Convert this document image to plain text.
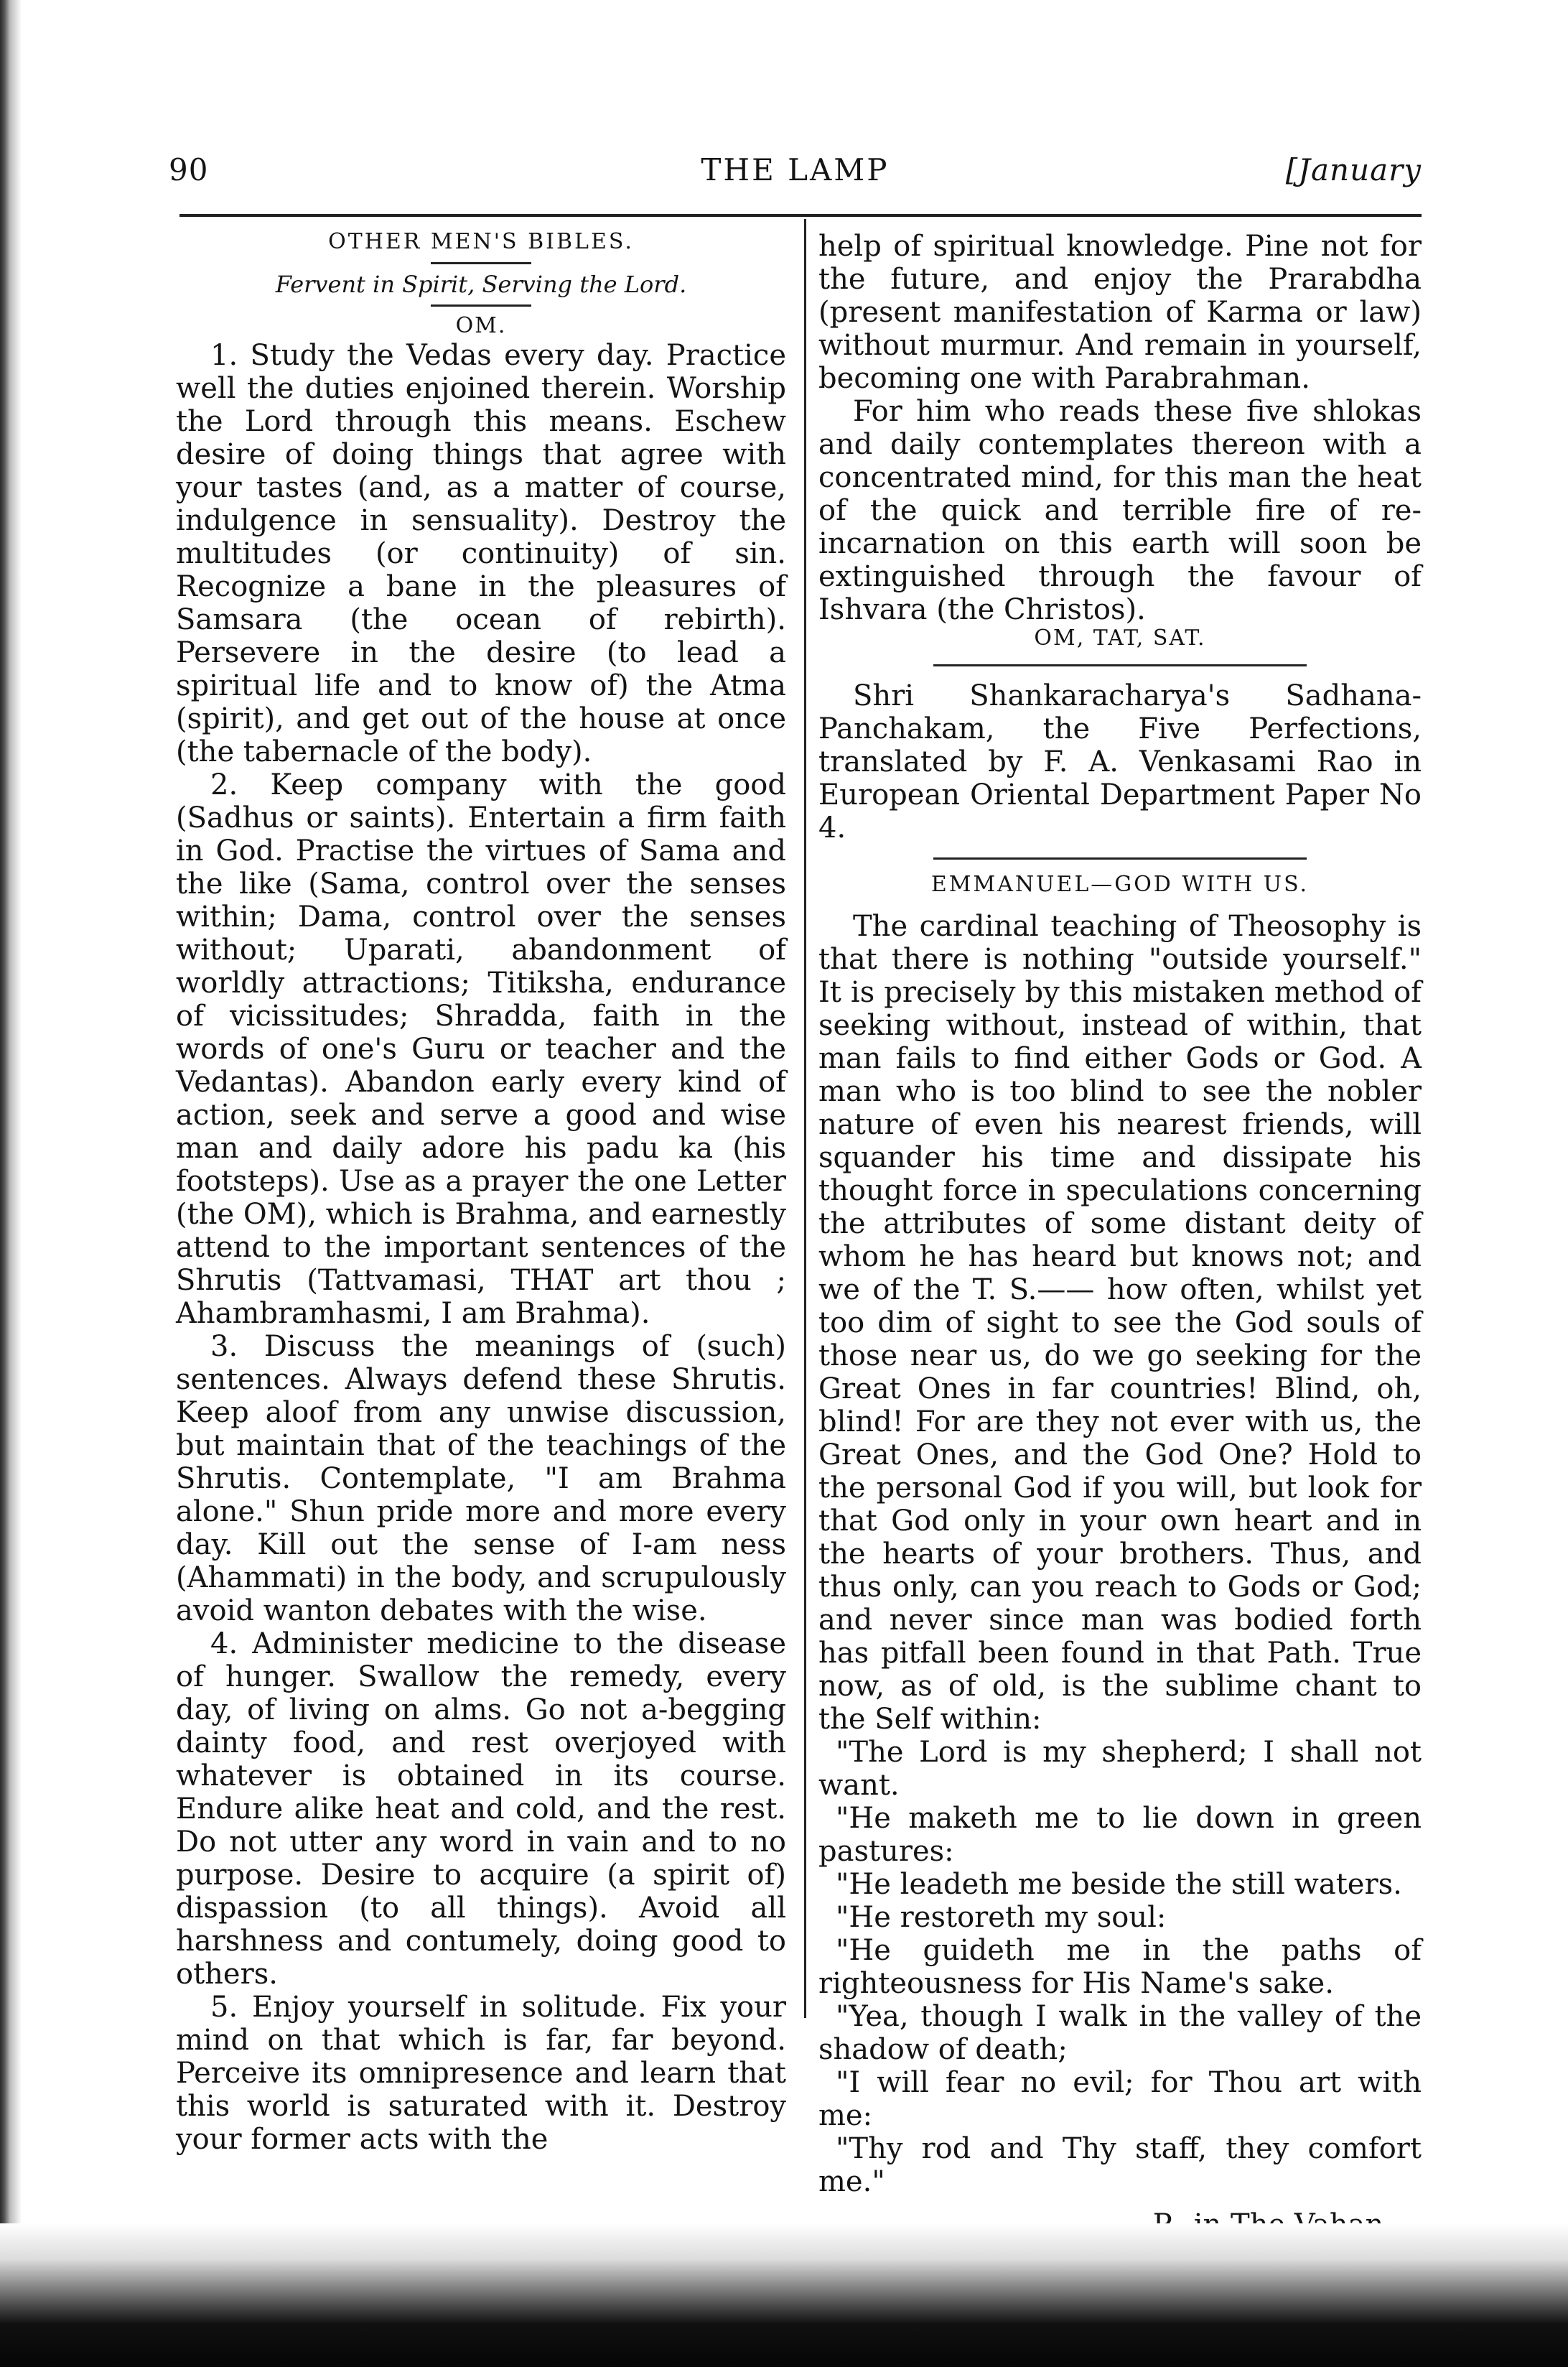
90	THE LAMP	[January

OTHER MEN'S BIBLES.

Fervent in Spirit, Serving the Lord.

OM.

1. Study the Vedas every day. Practice well the duties enjoined therein. Worship the Lord through this means. Eschew desire of doing things that agree with your tastes (and, as a matter of course, indulgence in sensuality). Destroy the multitudes (or continuity) of sin. Recognize a bane in the pleasures of Samsara (the ocean of rebirth). Persevere in the desire (to lead a spiritual life and to know of) the Atma (spirit), and get out of the house at once (the tabernacle of the body).

2. Keep company with the good (Sadhus or saints). Entertain a firm faith in God. Practise the virtues of Sama and the like (Sama, control over the senses within; Dama, control over the senses without; Uparati, abandonment of worldly attractions; Titiksha, endurance of vicissitudes; Shradda, faith in the words of one's Guru or teacher and the Vedantas). Abandon early every kind of action, seek and serve a good and wise man and daily adore his padu ka (his footsteps). Use as a prayer the one Letter (the OM), which is Brahma, and earnestly attend to the important sentences of the Shrutis (Tattvamasi, THAT art thou ; Ahambramhasmi, I am Brahma).

3. Discuss the meanings of (such) sentences. Always defend these Shrutis. Keep aloof from any unwise discussion, but maintain that of the teachings of the Shrutis. Contemplate, "I am Brahma alone." Shun pride more and more every day. Kill out the sense of I-am ness (Ahammati) in the body, and scrupulously avoid wanton debates with the wise.

4. Administer medicine to the disease of hunger. Swallow the remedy, every day, of living on alms. Go not a-begging dainty food, and rest overjoyed with whatever is obtained in its course. Endure alike heat and cold, and the rest. Do not utter any word in vain and to no purpose. Desire to acquire (a spirit of) dispassion (to all things). Avoid all harshness and contumely, doing good to others.

5. Enjoy yourself in solitude. Fix your mind on that which is far, far beyond. Perceive its omnipresence and learn that this world is saturated with it. Destroy your former acts with the

help of spiritual knowledge. Pine not for the future, and enjoy the Prarabdha (present manifestation of Karma or law) without murmur. And remain in yourself, becoming one with Parabrahman.

For him who reads these five shlokas and daily contemplates thereon with a concentrated mind, for this man the heat of the quick and terrible fire of re-incarnation on this earth will soon be extinguished through the favour of Ishvara (the Christos).

OM, TAT, SAT.

Shri Shankaracharya's Sadhana-Panchakam, the Five Perfections, translated by F. A. Venkasami Rao in European Oriental Department Paper No 4.

EMMANUEL—GOD WITH US.

The cardinal teaching of Theosophy is that there is nothing "outside yourself." It is precisely by this mistaken method of seeking without, instead of within, that man fails to find either Gods or God. A man who is too blind to see the nobler nature of even his nearest friends, will squander his time and dissipate his thought force in speculations concerning the attributes of some distant deity of whom he has heard but knows not; and we of the T. S.—— how often, whilst yet too dim of sight to see the God souls of those near us, do we go seeking for the Great Ones in far countries! Blind, oh, blind! For are they not ever with us, the Great Ones, and the God One? Hold to the personal God if you will, but look for that God only in your own heart and in the hearts of your brothers. Thus, and thus only, can you reach to Gods or God; and never since man was bodied forth has pitfall been found in that Path. True now, as of old, is the sublime chant to the Self within:

"The Lord is my shepherd; I shall not want.

"He maketh me to lie down in green pastures:

"He leadeth me beside the still waters.

"He restoreth my soul:

"He guideth me in the paths of righteousness for His Name's sake.

"Yea, though I walk in the valley of the shadow of death;

"I will fear no evil; for Thou art with me:

"Thy rod and Thy staff, they comfort me."
